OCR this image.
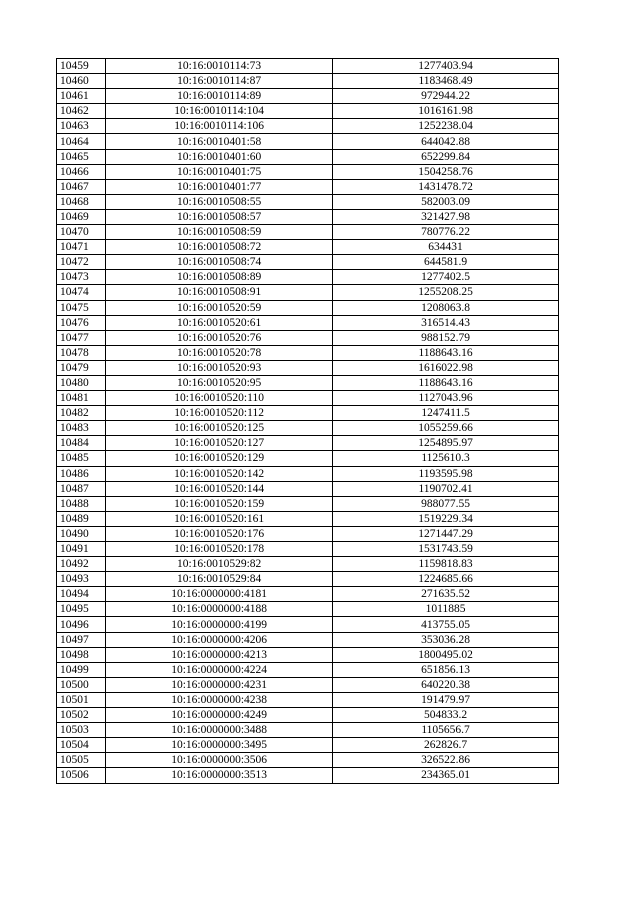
10459	10:16:0010114:73	1277403.94
10460	10:16:0010114:87	1183468.49
10461	10:16:0010114:89	972944.22
10462	10:16:0010114:104	1016161.98
10463	10:16:0010114:106	1252238.04
10464	10:16:0010401:58	644042.88
10465	10:16:0010401:60	652299.84
10466	10:16:0010401:75	1504258.76
10467	10:16:0010401:77	1431478.72
10468	10:16:0010508:55	582003.09
10469	10:16:0010508:57	321427.98
10470	10:16:0010508:59	780776.22
10471	10:16:0010508:72	634431
10472	10:16:0010508:74	644581.9
10473	10:16:0010508:89	1277402.5
10474	10:16:0010508:91	1255208.25
10475	10:16:0010520:59	1208063.8
10476	10:16:0010520:61	316514.43
10477	10:16:0010520:76	988152.79
10478	10:16:0010520:78	1188643.16
10479	10:16:0010520:93	1616022.98
10480	10:16:0010520:95	1188643.16
10481	10:16:0010520:110	1127043.96
10482	10:16:0010520:112	1247411.5
10483	10:16:0010520:125	1055259.66
10484	10:16:0010520:127	1254895.97
10485	10:16:0010520:129	1125610.3
10486	10:16:0010520:142	1193595.98
10487	10:16:0010520:144	1190702.41
10488	10:16:0010520:159	988077.55
10489	10:16:0010520:161	1519229.34
10490	10:16:0010520:176	1271447.29
10491	10:16:0010520:178	1531743.59
10492	10:16:0010529:82	1159818.83
10493	10:16:0010529:84	1224685.66
10494	10:16:0000000:4181	271635.52
10495	10:16:0000000:4188	1011885
10496	10:16:0000000:4199	413755.05
10497	10:16:0000000:4206	353036.28
10498	10:16:0000000:4213	1800495.02
10499	10:16:0000000:4224	651856.13
10500	10:16:0000000:4231	640220.38
10501	10:16:0000000:4238	191479.97
10502	10:16:0000000:4249	504833.2
10503	10:16:0000000:3488	1105656.7
10504	10:16:0000000:3495	262826.7
10505	10:16:0000000:3506	326522.86
10506	10:16:0000000:3513	234365.01
